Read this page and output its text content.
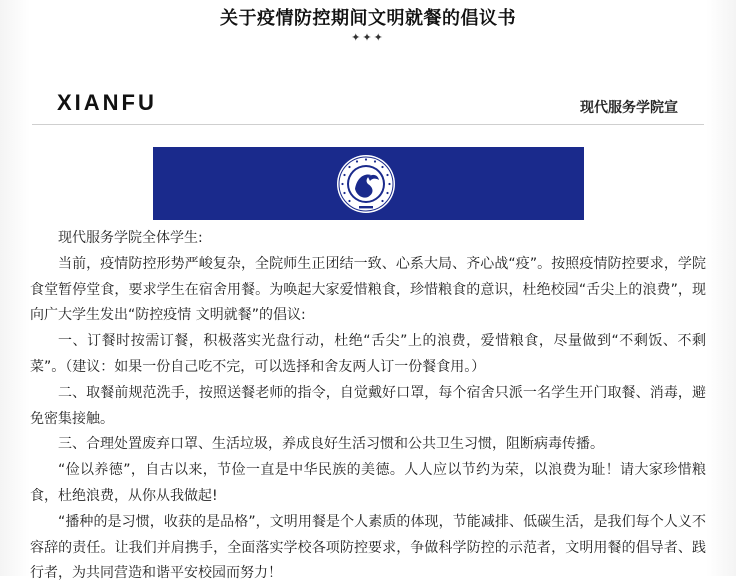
关于疫情防控期间文明就餐的倡议书
✦✦✦
XIANFU	现代服务学院宣

现代服务学院全体学生:

当前，疫情防控形势严峻复杂，全院师生正团结一致、心系大局、齐心战“疫”。按照疫情防控要求，学院食堂暂停堂食，要求学生在宿舍用餐。为唤起大家爱惜粮食，珍惜粮食的意识，杜绝校园“舌尖上的浪费”，现向广大学生发出“防控疫情 文明就餐”的倡议:

一、订餐时按需订餐，积极落实光盘行动，杜绝“舌尖”上的浪费，爱惜粮食，尽量做到“不剩饭、不剩菜”。（建议：如果一份自己吃不完，可以选择和舍友两人订一份餐食用。）

二、取餐前规范洗手，按照送餐老师的指令，自觉戴好口罩，每个宿舍只派一名学生开门取餐、消毒，避免密集接触。

三、合理处置废弃口罩、生活垃圾，养成良好生活习惯和公共卫生习惯，阻断病毒传播。

“俭以养德”，自古以来，节俭一直是中华民族的美德。人人应以节约为荣，以浪费为耻！请大家珍惜粮食，杜绝浪费，从你从我做起!

“播种的是习惯，收获的是品格”，文明用餐是个人素质的体现，节能减排、低碳生活，是我们每个人义不容辞的责任。让我们并肩携手，全面落实学校各项防控要求，争做科学防控的示范者，文明用餐的倡导者、践行者，为共同营造和谐平安校园而努力！
